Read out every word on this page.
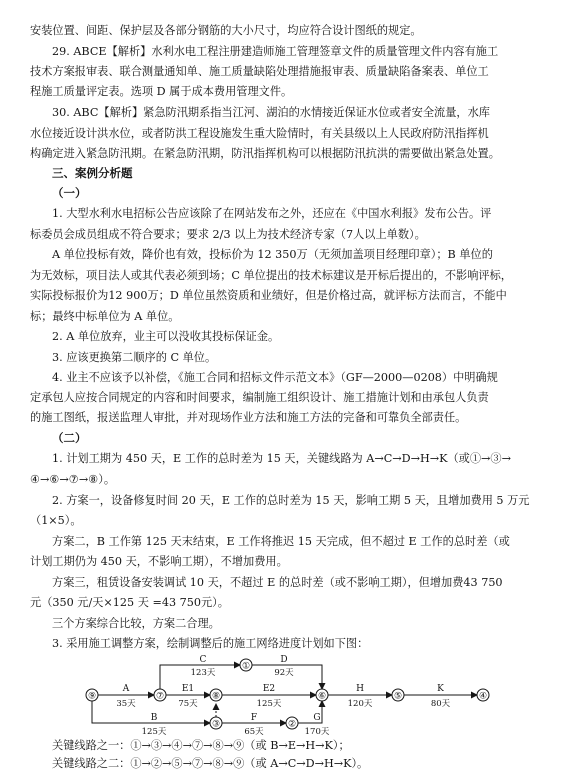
安装位置、间距、保护层及各部分钢筋的大小尺寸，均应符合设计图纸的规定。
29. ABCE【解析】水利水电工程注册建造师施工管理签章文件的质量管理文件内容有施工
技术方案报审表、联合测量通知单、施工质量缺陷处理措施报审表、质量缺陷备案表、单位工
程施工质量评定表。选项 D 属于成本费用管理文件。
30. ABC【解析】紧急防汛期系指当江河、湖泊的水情接近保证水位或者安全流量，水库
水位接近设计洪水位，或者防洪工程设施发生重大险情时，有关县级以上人民政府防汛指挥机
构确定进入紧急防汛期。在紧急防汛期，防汛指挥机构可以根据防汛抗洪的需要做出紧急处置。
三、案例分析题
（一）
1. 大型水利水电招标公告应该除了在网站发布之外，还应在《中国水利报》发布公告。评
标委员会成员组成不符合要求；要求 2/3 以上为技术经济专家（7人以上单数）。
A 单位投标有效，降价也有效，投标价为 12 350万（无须加盖项目经理印章）；B 单位的
为无效标，项目法人或其代表必须到场；C 单位提出的技术标建议是开标后提出的，不影响评标，
实际投标报价为12 900万；D 单位虽然资质和业绩好，但是价格过高，就评标方法而言，不能中
标；最终中标单位为 A 单位。
2. A 单位放弃，业主可以没收其投标保证金。
3. 应该更换第二顺序的 C 单位。
4. 业主不应该予以补偿，《施工合同和招标文件示范文本》（GF—2000—0208）中明确规
定承包人应按合同规定的内容和时间要求，编制施工组织设计、施工措施计划和由承包人负责
的施工图纸，报送监理人审批，并对现场作业方法和施工方法的完备和可靠负全部责任。
（二）
1. 计划工期为 450 天，E 工作的总时差为 15 天，关键线路为 A→C→D→H→K（或①→③→
④→⑥→⑦→⑧）。
2. 方案一，设备修复时间 20 天，E 工作的总时差为 15 天，影响工期 5 天，且增加费用 5 万元
（1×5）。
方案二，B 工作第 125 天末结束，E 工作将推迟 15 天完成，但不超过 E 工作的总时差（或
计划工期仍为 450 天，不影响工期），不增加费用。
方案三，租赁设备安装调试 10 天，不超过 E 的总时差（或不影响工期），但增加费43 750
元（350 元/天×125 天 =43 750元）。
三个方案综合比较，方案二合理。
3. 采用施工调整方案，绘制调整后的施工网络进度计划如下图：
A
35天
B
125天
C
123天
D
92天
E1
75天
E2
125天
F
65天
G
170天
H
120天
K
80天
①
②
③
④
⑤
⑥
⑦	⑧
⑨
关键线路之一：①→③→④→⑦→⑧→⑨（或 B→E→H→K）；
关键线路之二：①→②→⑤→⑦→⑧→⑨（或 A→C→D→H→K）。
